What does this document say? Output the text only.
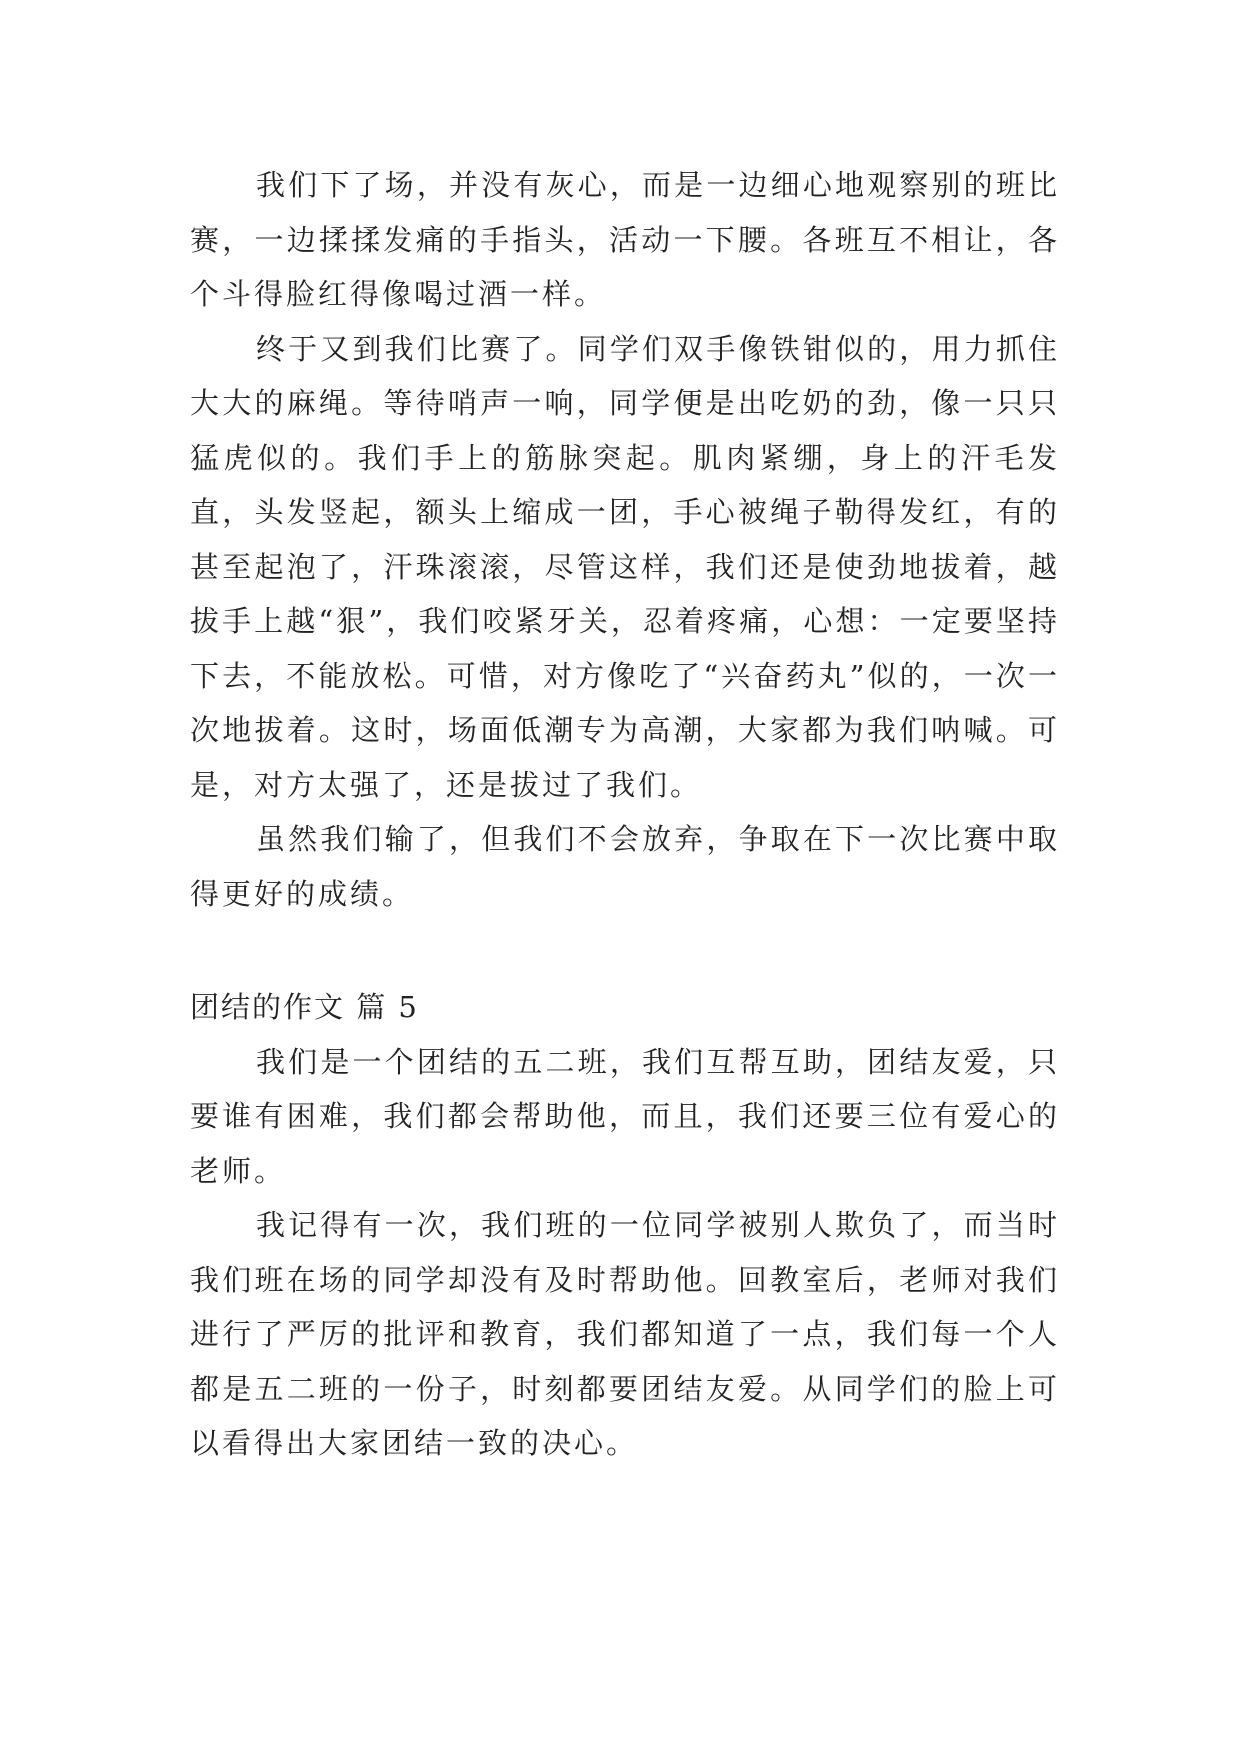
我们下了场，并没有灰心，而是一边细心地观察别的班比赛，一边揉揉发痛的手指头，活动一下腰。各班互不相让，各个斗得脸红得像喝过酒一样。

终于又到我们比赛了。同学们双手像铁钳似的，用力抓住大大的麻绳。等待哨声一响，同学便是出吃奶的劲，像一只只猛虎似的。我们手上的筋脉突起。肌肉紧绷，身上的汗毛发直，头发竖起，额头上缩成一团，手心被绳子勒得发红，有的甚至起泡了，汗珠滚滚，尽管这样，我们还是使劲地拔着，越拔手上越“狠”，我们咬紧牙关，忍着疼痛，心想：一定要坚持下去，不能放松。可惜，对方像吃了“兴奋药丸”似的，一次一次地拔着。这时，场面低潮专为高潮，大家都为我们呐喊。可是，对方太强了，还是拔过了我们。

虽然我们输了，但我们不会放弃，争取在下一次比赛中取得更好的成绩。

团结的作文 篇 5

我们是一个团结的五二班，我们互帮互助，团结友爱，只要谁有困难，我们都会帮助他，而且，我们还要三位有爱心的老师。

我记得有一次，我们班的一位同学被别人欺负了，而当时我们班在场的同学却没有及时帮助他。回教室后，老师对我们进行了严厉的批评和教育，我们都知道了一点，我们每一个人都是五二班的一份子，时刻都要团结友爱。从同学们的脸上可以看得出大家团结一致的决心。
